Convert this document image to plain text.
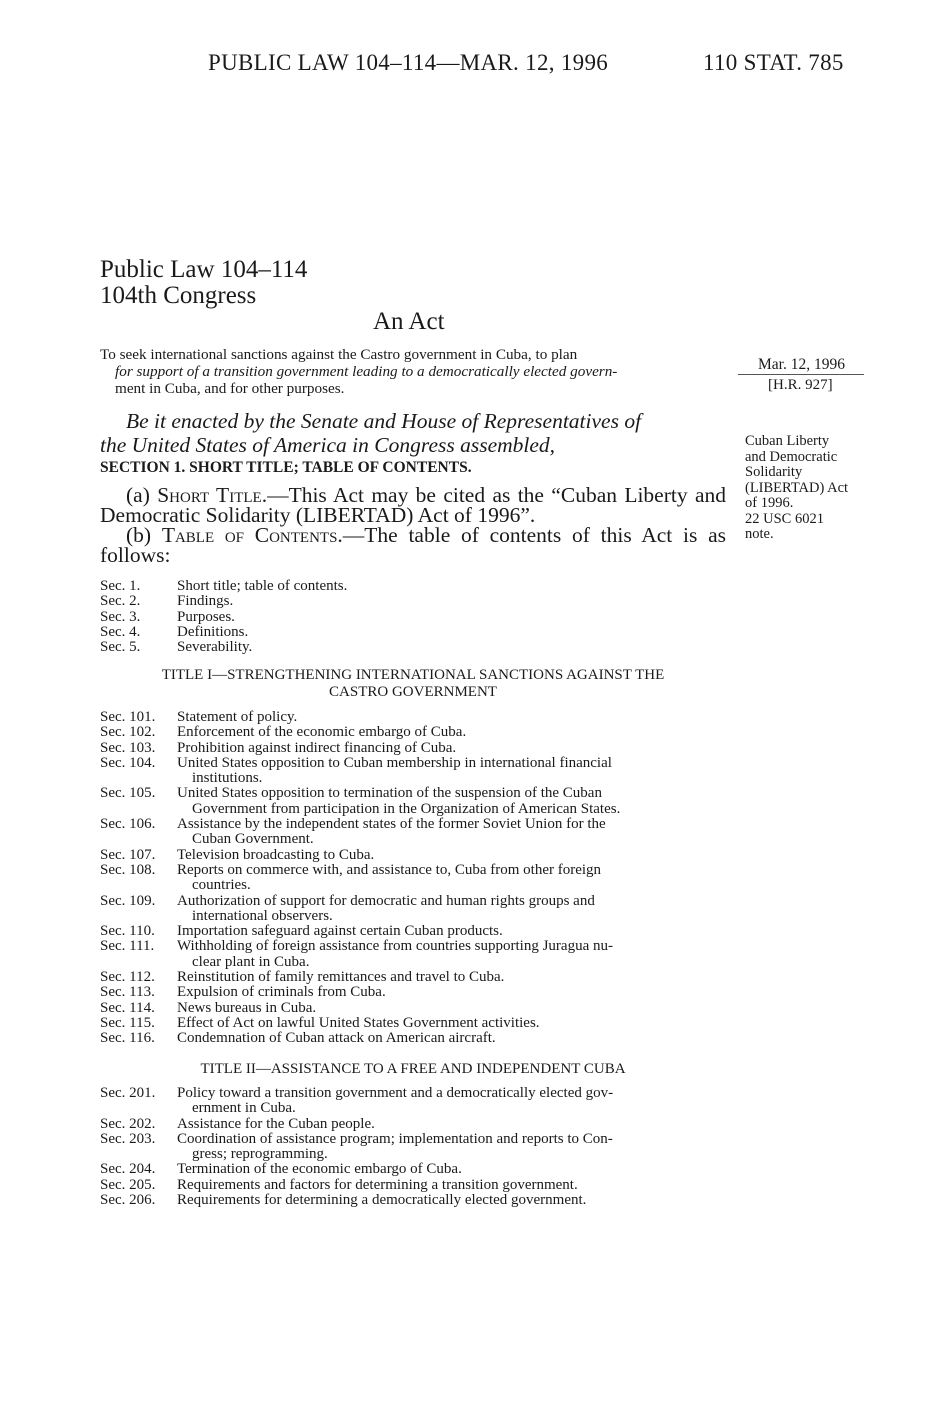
PUBLIC LAW 104–114—MAR. 12, 1996	110 STAT. 785
Public Law 104–114
104th Congress
An Act
To seek international sanctions against the Castro government in Cuba, to plan
for support of a transition government leading to a democratically elected govern-
ment in Cuba, and for other purposes.
Mar. 12, 1996
[H.R. 927]
Cuban Liberty
and Democratic
Solidarity
(LIBERTAD) Act
of 1996.
22 USC 6021
note.
Be it enacted by the Senate and House of Representatives of
the United States of America in Congress assembled,
SECTION 1. SHORT TITLE; TABLE OF CONTENTS.
(a) Short Title.—This Act may be cited as the “Cuban Liberty and Democratic Solidarity (LIBERTAD) Act of 1996”.
(b) Table of Contents.—The table of contents of this Act is as follows:
Sec. 1.	Short title; table of contents.
Sec. 2.	Findings.
Sec. 3.	Purposes.
Sec. 4.	Definitions.
Sec. 5.	Severability.
TITLE I—STRENGTHENING INTERNATIONAL SANCTIONS AGAINST THE
CASTRO GOVERNMENT
Sec. 101.	Statement of policy.
Sec. 102.	Enforcement of the economic embargo of Cuba.
Sec. 103.	Prohibition against indirect financing of Cuba.
Sec. 104.	United States opposition to Cuban membership in international financial
institutions.
Sec. 105.	United States opposition to termination of the suspension of the Cuban
Government from participation in the Organization of American States.
Sec. 106.	Assistance by the independent states of the former Soviet Union for the
Cuban Government.
Sec. 107.	Television broadcasting to Cuba.
Sec. 108.	Reports on commerce with, and assistance to, Cuba from other foreign
countries.
Sec. 109.	Authorization of support for democratic and human rights groups and
international observers.
Sec. 110.	Importation safeguard against certain Cuban products.
Sec. 111.	Withholding of foreign assistance from countries supporting Juragua nu-
clear plant in Cuba.
Sec. 112.	Reinstitution of family remittances and travel to Cuba.
Sec. 113.	Expulsion of criminals from Cuba.
Sec. 114.	News bureaus in Cuba.
Sec. 115.	Effect of Act on lawful United States Government activities.
Sec. 116.	Condemnation of Cuban attack on American aircraft.
TITLE II—ASSISTANCE TO A FREE AND INDEPENDENT CUBA
Sec. 201.	Policy toward a transition government and a democratically elected gov-
ernment in Cuba.
Sec. 202.	Assistance for the Cuban people.
Sec. 203.	Coordination of assistance program; implementation and reports to Con-
gress; reprogramming.
Sec. 204.	Termination of the economic embargo of Cuba.
Sec. 205.	Requirements and factors for determining a transition government.
Sec. 206.	Requirements for determining a democratically elected government.
